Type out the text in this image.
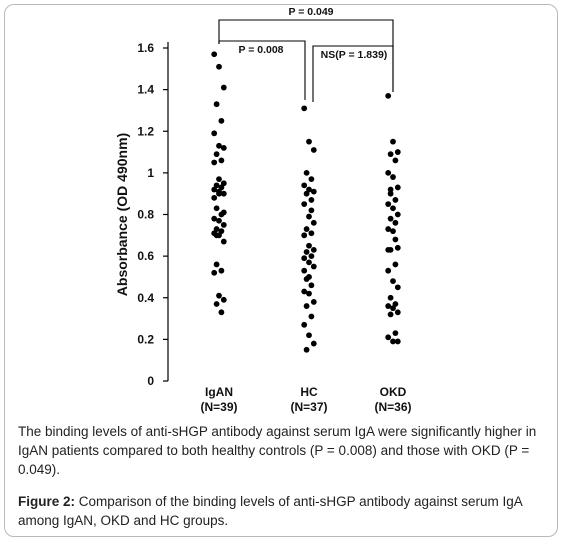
P = 0.049
P = 0.008	NS(P = 1.839)
1.6
1.4
1.2
1
0.8
0.6
0.4
0.2
0
Absorbance (OD 490nm)
IgAN
(N=39)
HC
(N=37)
OKD
(N=36)
The binding levels of anti-sHGP antibody against serum IgA were significantly higher in IgAN patients compared to both healthy controls (P = 0.008) and those with OKD (P = 0.049).
Figure 2: Comparison of the binding levels of anti-sHGP antibody against serum IgA among IgAN, OKD and HC groups.
